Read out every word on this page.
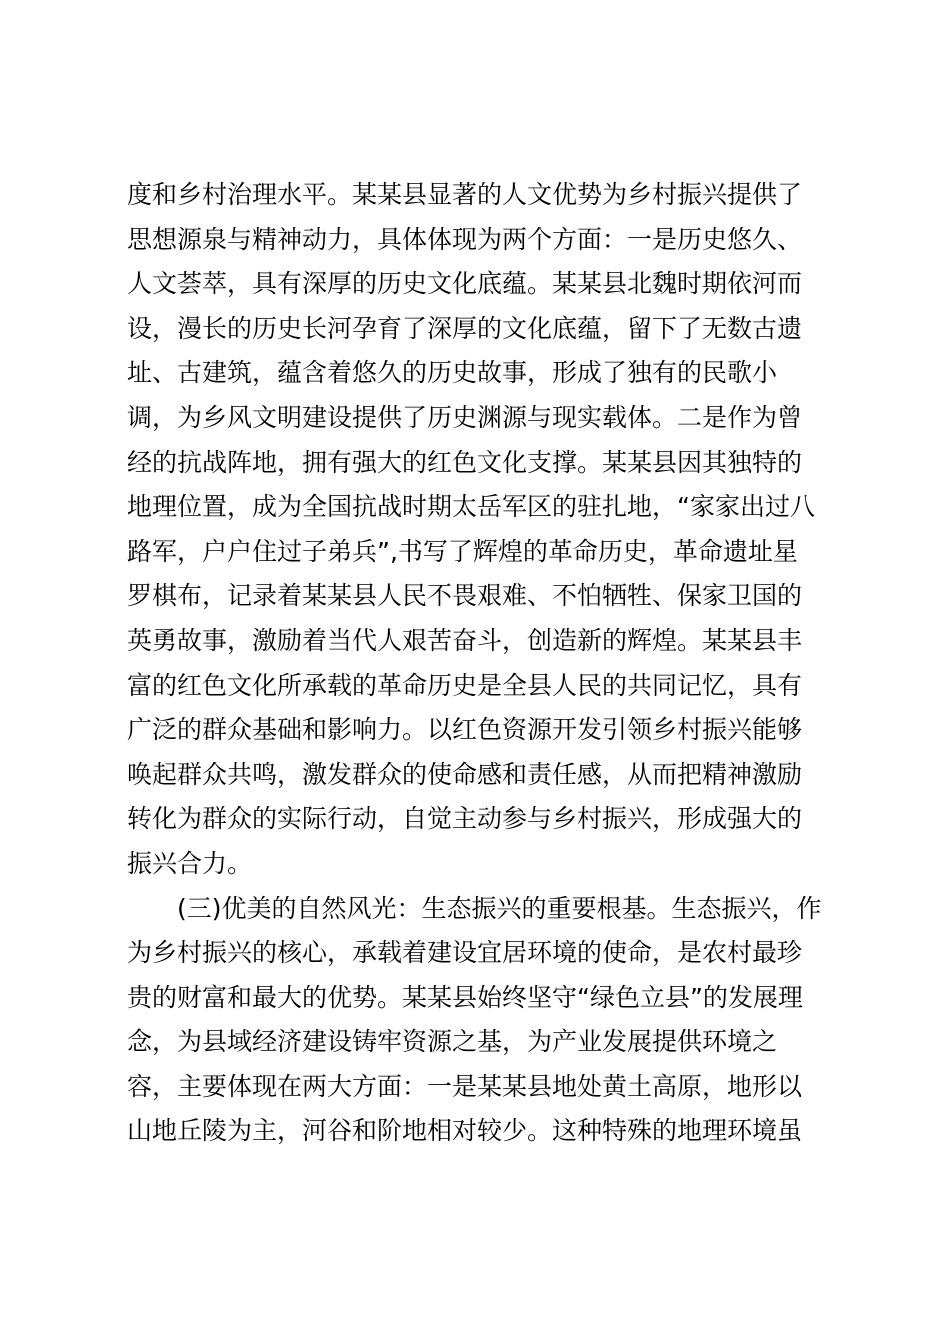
度和乡村治理水平。某某县显著的人文优势为乡村振兴提供了
思想源泉与精神动力，具体体现为两个方面：一是历史悠久、
人文荟萃，具有深厚的历史文化底蕴。某某县北魏时期依河而
设，漫长的历史长河孕育了深厚的文化底蕴，留下了无数古遗
址、古建筑，蕴含着悠久的历史故事，形成了独有的民歌小
调，为乡风文明建设提供了历史渊源与现实载体。二是作为曾
经的抗战阵地，拥有强大的红色文化支撑。某某县因其独特的
地理位置，成为全国抗战时期太岳军区的驻扎地，“家家出过八
路军，户户住过子弟兵”,书写了辉煌的革命历史，革命遗址星
罗棋布，记录着某某县人民不畏艰难、不怕牺牲、保家卫国的
英勇故事，激励着当代人艰苦奋斗，创造新的辉煌。某某县丰
富的红色文化所承载的革命历史是全县人民的共同记忆，具有
广泛的群众基础和影响力。以红色资源开发引领乡村振兴能够
唤起群众共鸣，激发群众的使命感和责任感，从而把精神激励
转化为群众的实际行动，自觉主动参与乡村振兴，形成强大的
振兴合力。
(三)优美的自然风光：生态振兴的重要根基。生态振兴，作
为乡村振兴的核心，承载着建设宜居环境的使命，是农村最珍
贵的财富和最大的优势。某某县始终坚守“绿色立县”的发展理
念，为县域经济建设铸牢资源之基，为产业发展提供环境之
容，主要体现在两大方面：一是某某县地处黄土高原，地形以
山地丘陵为主，河谷和阶地相对较少。这种特殊的地理环境虽
